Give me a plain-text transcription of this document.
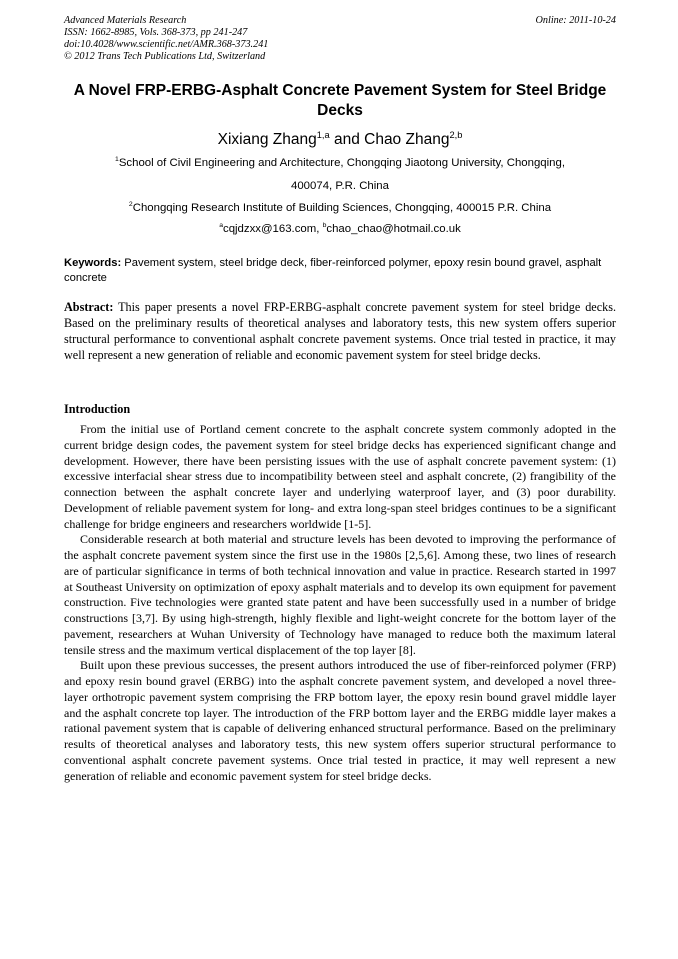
Advanced Materials Research	Online: 2011-10-24
ISSN: 1662-8985, Vols. 368-373, pp 241-247
doi:10.4028/www.scientific.net/AMR.368-373.241
© 2012 Trans Tech Publications Ltd, Switzerland
A Novel FRP-ERBG-Asphalt Concrete Pavement System for Steel Bridge Decks
Xixiang Zhang$^{1,a}$ and Chao Zhang$^{2,b}$
$^1$School of Civil Engineering and Architecture, Chongqing Jiaotong University, Chongqing,
400074, P.R. China
$^2$Chongqing Research Institute of Building Sciences, Chongqing, 400015 P.R. China
$^a$cqjdzxx@163.com, $^b$chao_chao@hotmail.co.uk
Keywords: Pavement system, steel bridge deck, fiber-reinforced polymer, epoxy resin bound gravel, asphalt concrete
Abstract: This paper presents a novel FRP-ERBG-asphalt concrete pavement system for steel bridge decks. Based on the preliminary results of theoretical analyses and laboratory tests, this new system offers superior structural performance to conventional asphalt concrete pavement systems. Once trial tested in practice, it may well represent a new generation of reliable and economic pavement system for steel bridge decks.
Introduction

From the initial use of Portland cement concrete to the asphalt concrete system commonly adopted in the current bridge design codes, the pavement system for steel bridge decks has experienced significant change and development. However, there have been persisting issues with the use of asphalt concrete pavement system: (1) excessive interfacial shear stress due to incompatibility between steel and asphalt concrete, (2) frangibility of the connection between the asphalt concrete layer and underlying waterproof layer, and (3) poor durability. Development of reliable pavement system for long- and extra long-span steel bridges continues to be a significant challenge for bridge engineers and researchers worldwide [1-5].

Considerable research at both material and structure levels has been devoted to improving the performance of the asphalt concrete pavement system since the first use in the 1980s [2,5,6]. Among these, two lines of research are of particular significance in terms of both technical innovation and value in practice. Research started in 1997 at Southeast University on optimization of epoxy asphalt materials and to develop its own equipment for pavement construction. Five technologies were granted state patent and have been successfully used in a number of bridge constructions [3,7]. By using high-strength, highly flexible and light-weight concrete for the bottom layer of the pavement, researchers at Wuhan University of Technology have managed to reduce both the maximum lateral tensile stress and the maximum vertical displacement of the top layer [8].

Built upon these previous successes, the present authors introduced the use of fiber-reinforced polymer (FRP) and epoxy resin bound gravel (ERBG) into the asphalt concrete pavement system, and developed a novel three-layer orthotropic pavement system comprising the FRP bottom layer, the epoxy resin bound gravel middle layer and the asphalt concrete top layer. The introduction of the FRP bottom layer and the ERBG middle layer makes a rational pavement system that is capable of delivering enhanced structural performance. Based on the preliminary results of theoretical analyses and laboratory tests, this new system offers superior structural performance to conventional asphalt concrete pavement systems. Once trial tested in practice, it may well represent a new generation of reliable and economic pavement system for steel bridge decks.
